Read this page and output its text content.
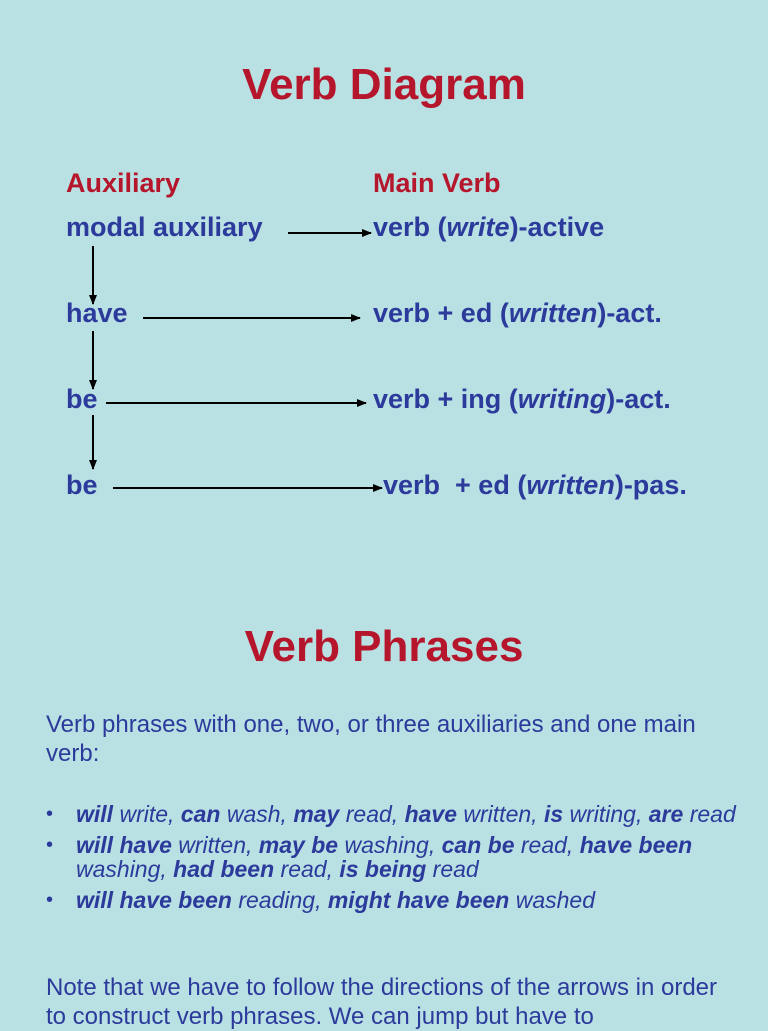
Verb Diagram
Auxiliary	Main Verb
modal auxiliary
have
be
be
verb (write)-active
verb + ed (written)-act.
verb + ing (writing)-act.
verb  + ed (written)-pas.
Verb Phrases

Verb phrases with one, two, or three auxiliaries and one main verb:

• will write, can wash, may read, have written, is writing, are read
• will have written, may be washing, can be read, have been washing, had been read, is being read
• will have been reading, might have been washed

Note that we have to follow the directions of the arrows in order to construct verb phrases. We can jump but have to
